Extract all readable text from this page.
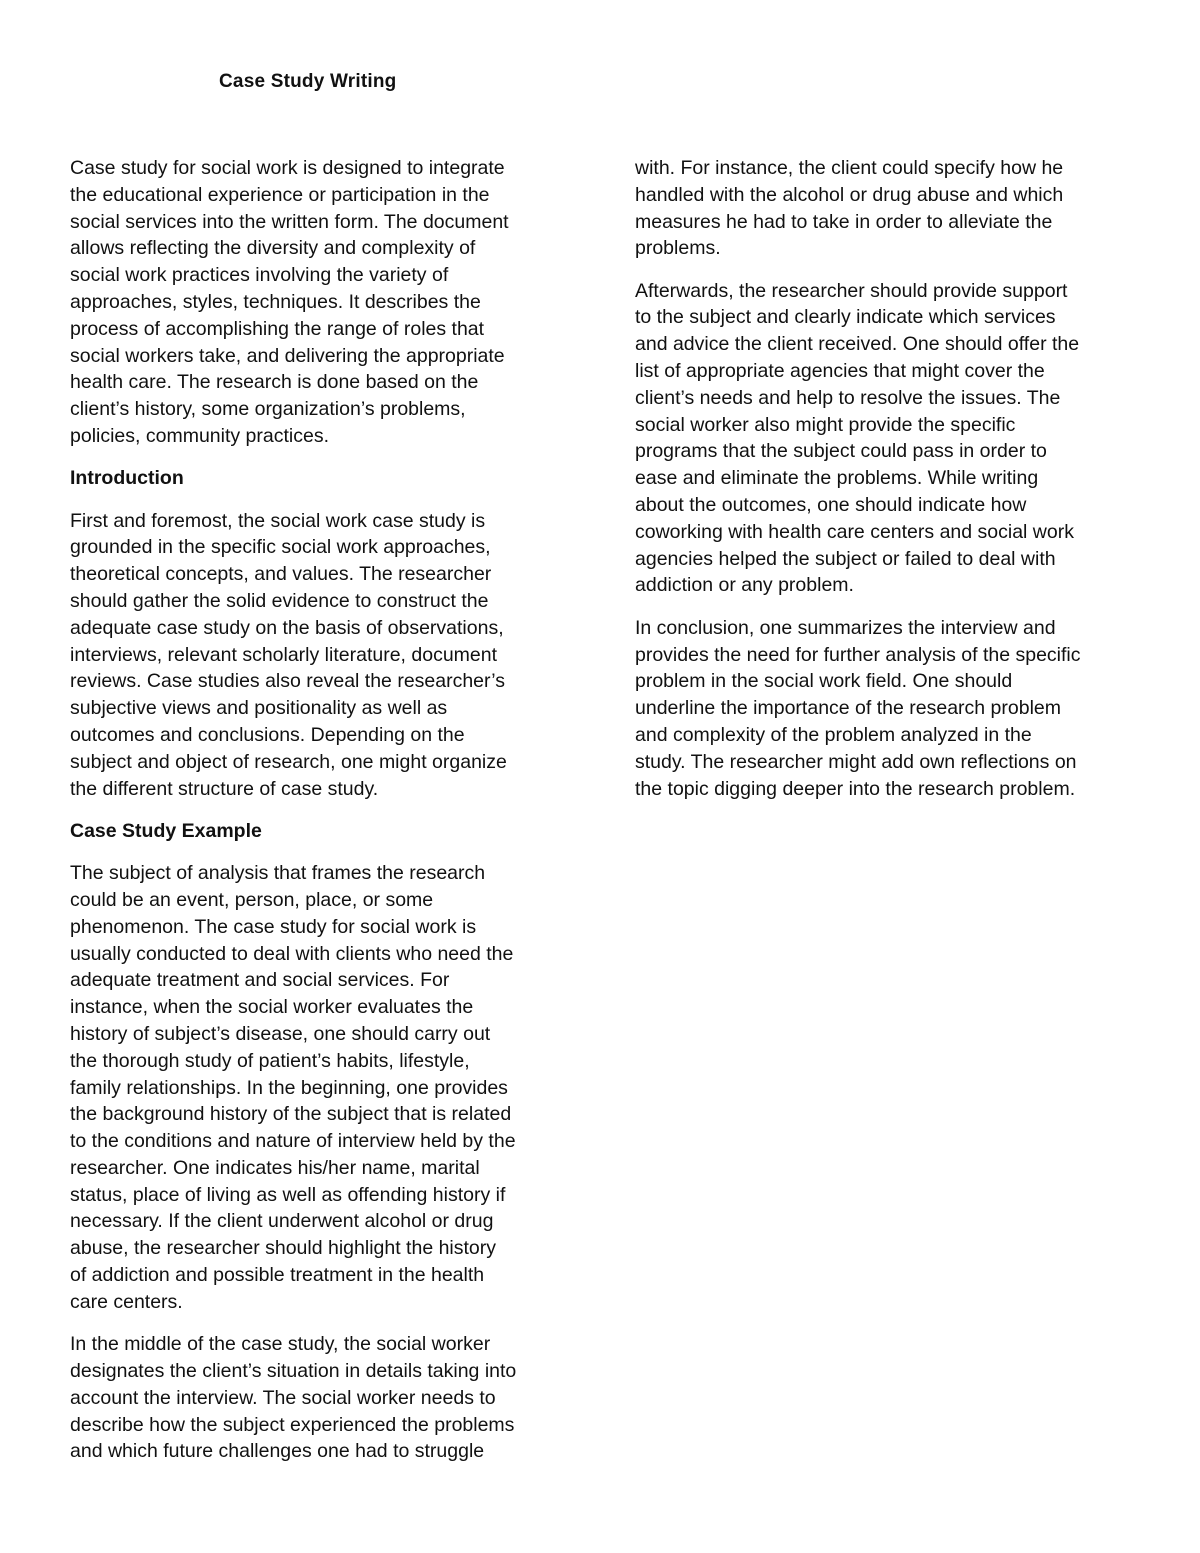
Case Study Writing

Case study for social work is designed to integrate
the educational experience or participation in the
social services into the written form. The document
allows reflecting the diversity and complexity of
social work practices involving the variety of
approaches, styles, techniques. It describes the
process of accomplishing the range of roles that
social workers take, and delivering the appropriate
health care. The research is done based on the
client’s history, some organization’s problems,
policies, community practices.

Introduction

First and foremost, the social work case study is
grounded in the specific social work approaches,
theoretical concepts, and values. The researcher
should gather the solid evidence to construct the
adequate case study on the basis of observations,
interviews, relevant scholarly literature, document
reviews. Case studies also reveal the researcher’s
subjective views and positionality as well as
outcomes and conclusions. Depending on the
subject and object of research, one might organize
the different structure of case study.

Case Study Example

The subject of analysis that frames the research
could be an event, person, place, or some
phenomenon. The case study for social work is
usually conducted to deal with clients who need the
adequate treatment and social services. For
instance, when the social worker evaluates the
history of subject’s disease, one should carry out
the thorough study of patient’s habits, lifestyle,
family relationships. In the beginning, one provides
the background history of the subject that is related
to the conditions and nature of interview held by the
researcher. One indicates his/her name, marital
status, place of living as well as offending history if
necessary. If the client underwent alcohol or drug
abuse, the researcher should highlight the history
of addiction and possible treatment in the health
care centers.

In the middle of the case study, the social worker
designates the client’s situation in details taking into
account the interview. The social worker needs to
describe how the subject experienced the problems
and which future challenges one had to struggle

with. For instance, the client could specify how he
handled with the alcohol or drug abuse and which
measures he had to take in order to alleviate the
problems.

Afterwards, the researcher should provide support
to the subject and clearly indicate which services
and advice the client received. One should offer the
list of appropriate agencies that might cover the
client’s needs and help to resolve the issues. The
social worker also might provide the specific
programs that the subject could pass in order to
ease and eliminate the problems. While writing
about the outcomes, one should indicate how
coworking with health care centers and social work
agencies helped the subject or failed to deal with
addiction or any problem.

In conclusion, one summarizes the interview and
provides the need for further analysis of the specific
problem in the social work field. One should
underline the importance of the research problem
and complexity of the problem analyzed in the
study. The researcher might add own reflections on
the topic digging deeper into the research problem.
